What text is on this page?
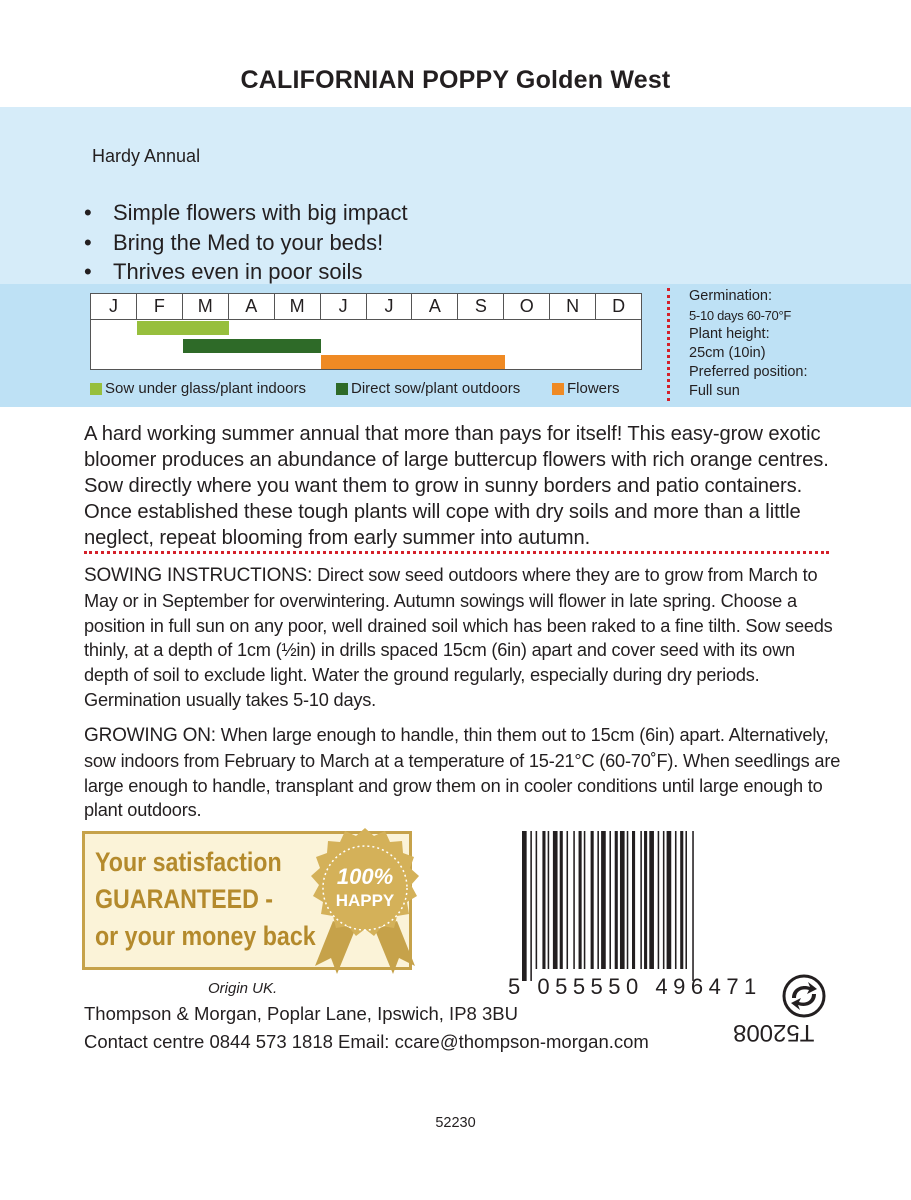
CALIFORNIAN POPPY Golden West
Hardy Annual
• Simple flowers with big impact
• Bring the Med to your beds!
• Thrives even in poor soils
J	F	M	A	M	J	J	A	S	O	N	D
Sow under glass/plant indoors	Direct sow/plant outdoors	Flowers
Germination:
5-10 days 60-70°F
Plant height:
25cm (10in)
Preferred position:
Full sun
A hard working summer annual that more than pays for itself! This easy-grow exotic bloomer produces an abundance of large buttercup flowers with rich orange centres. Sow directly where you want them to grow in sunny borders and patio containers. Once established these tough plants will cope with dry soils and more than a little neglect, repeat blooming from early summer into autumn.
SOWING INSTRUCTIONS: Direct sow seed outdoors where they are to grow from March to May or in September for overwintering. Autumn sowings will flower in late spring. Choose a position in full sun on any poor, well drained soil which has been raked to a fine tilth. Sow seeds thinly, at a depth of 1cm (½in) in drills spaced 15cm (6in) apart and cover seed with its own depth of soil to exclude light. Water the ground regularly, especially during dry periods. Germination usually takes 5-10 days.
GROWING ON: When large enough to handle, thin them out to 15cm (6in) apart. Alternatively, sow indoors from February to March at a temperature of 15-21°C (60-70˚F). When seedlings are large enough to handle, transplant and grow them on in cooler conditions until large enough to plant outdoors.
Your satisfaction
GUARANTEED -
or your money back
100%
HAPPY
5 055550 496471
T52008
Origin UK.
Thompson & Morgan, Poplar Lane, Ipswich, IP8 3BU
Contact centre 0844 573 1818 Email: ccare@thompson-morgan.com
52230
